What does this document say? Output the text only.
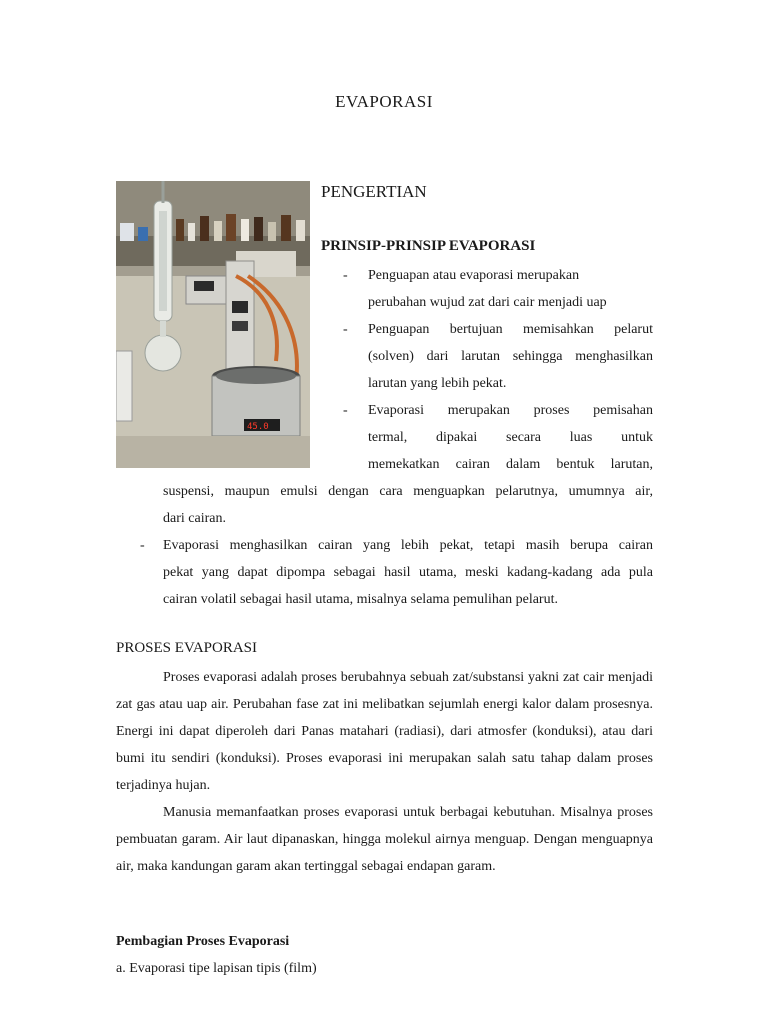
EVAPORASI
45.0
PENGERTIAN
PRINSIP-PRINSIP EVAPORASI
- Penguapan atau evaporasi merupakan
perubahan wujud zat dari cair menjadi uap
- Penguapan bertujuan memisahkan pelarut
(solven) dari larutan sehingga menghasilkan
larutan yang lebih pekat.
- Evaporasi merupakan proses pemisahan
termal, dipakai secara luas untuk
memekatkan cairan dalam bentuk larutan,
suspensi, maupun emulsi dengan cara menguapkan pelarutnya, umumnya air,
dari cairan.
- Evaporasi menghasilkan cairan yang lebih pekat, tetapi masih berupa cairan
pekat yang dapat dipompa sebagai hasil utama, meski kadang-kadang ada pula
cairan volatil sebagai hasil utama, misalnya selama pemulihan pelarut.
PROSES EVAPORASI
Proses evaporasi adalah proses berubahnya sebuah zat/substansi yakni zat cair menjadi zat gas atau uap air. Perubahan fase zat ini melibatkan sejumlah energi kalor dalam prosesnya. Energi ini dapat diperoleh dari Panas matahari (radiasi), dari atmosfer (konduksi), atau dari bumi itu sendiri (konduksi). Proses evaporasi ini merupakan salah satu tahap dalam proses terjadinya hujan.
Manusia memanfaatkan proses evaporasi untuk berbagai kebutuhan. Misalnya proses pembuatan garam. Air laut dipanaskan, hingga molekul airnya menguap. Dengan menguapnya air, maka kandungan garam akan tertinggal sebagai endapan garam.
Pembagian Proses Evaporasi
a. Evaporasi tipe lapisan tipis (film)
